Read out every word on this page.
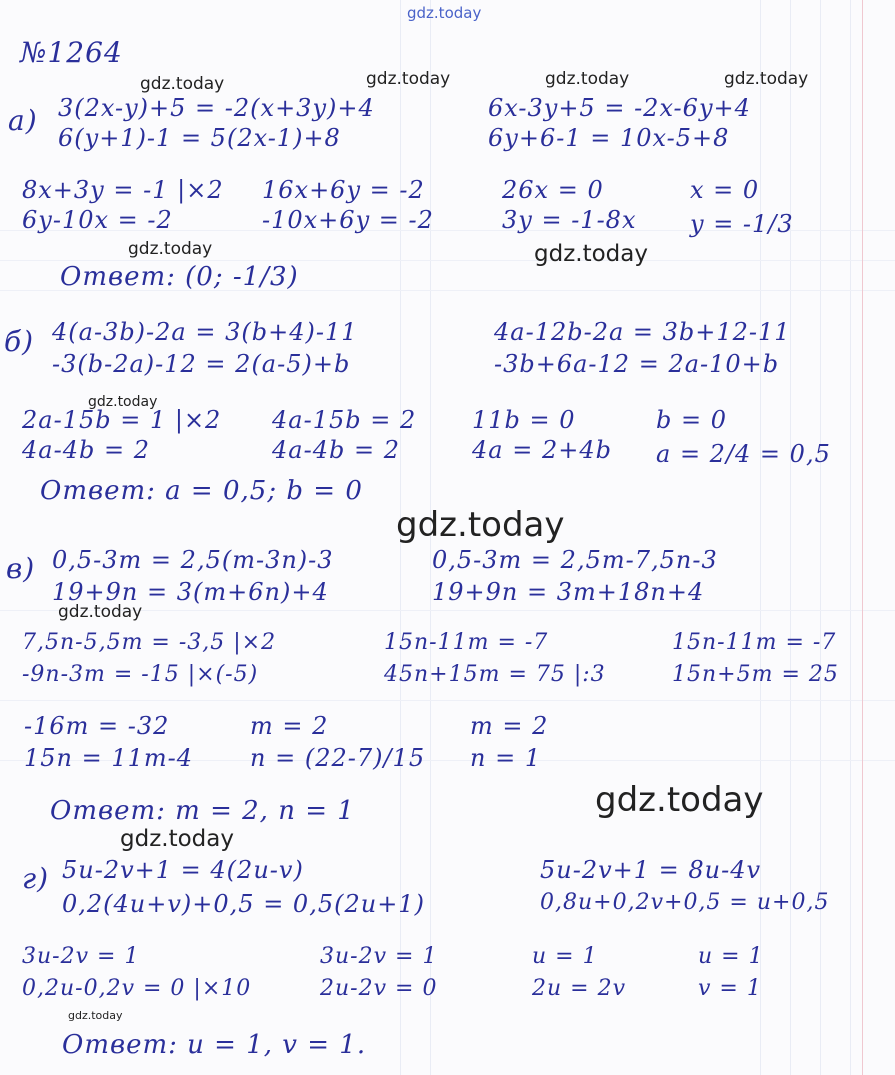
gdz.today
gdz.today	gdz.today	gdz.today	gdz.today
gdz.today	gdz.today
gdz.today
gdz.today
gdz.today
gdz.today
gdz.today
gdz.today
№1264
а) 3(2x-y)+5 = -2(x+3y)+4
6(y+1)-1 = 5(2x-1)+8
6x-3y+5 = -2x-6y+4
6y+6-1 = 10x-5+8
8x+3y = -1 |×2
6y-10x = -2
16x+6y = -2
-10x+6y = -2
26x = 0
3y = -1-8x
x = 0
y = -1/3
Ответ: (0; -1/3)
б) 4(a-3b)-2a = 3(b+4)-11
-3(b-2a)-12 = 2(a-5)+b
4a-12b-2a = 3b+12-11
-3b+6a-12 = 2a-10+b
2a-15b = 1 |×2
4a-4b = 2
4a-15b = 2
4a-4b = 2
11b = 0
4a = 2+4b
b = 0
a = 2/4 = 0,5
Ответ: a = 0,5; b = 0
в) 0,5-3m = 2,5(m-3n)-3
19+9n = 3(m+6n)+4
0,5-3m = 2,5m-7,5n-3
19+9n = 3m+18n+4
7,5n-5,5m = -3,5 |×2
-9n-3m = -15 |×(-5)
15n-11m = -7
45n+15m = 75 |:3
15n-11m = -7
15n+5m = 25
-16m = -32
15n = 11m-4
m = 2
n = (22-7)/15
m = 2
n = 1
Ответ: m = 2, n = 1
г) 5u-2v+1 = 4(2u-v)
0,2(4u+v)+0,5 = 0,5(2u+1)
5u-2v+1 = 8u-4v
0,8u+0,2v+0,5 = u+0,5
3u-2v = 1
0,2u-0,2v = 0 |×10
3u-2v = 1
2u-2v = 0
u = 1
2u = 2v
u = 1
v = 1
Ответ: u = 1, v = 1.
